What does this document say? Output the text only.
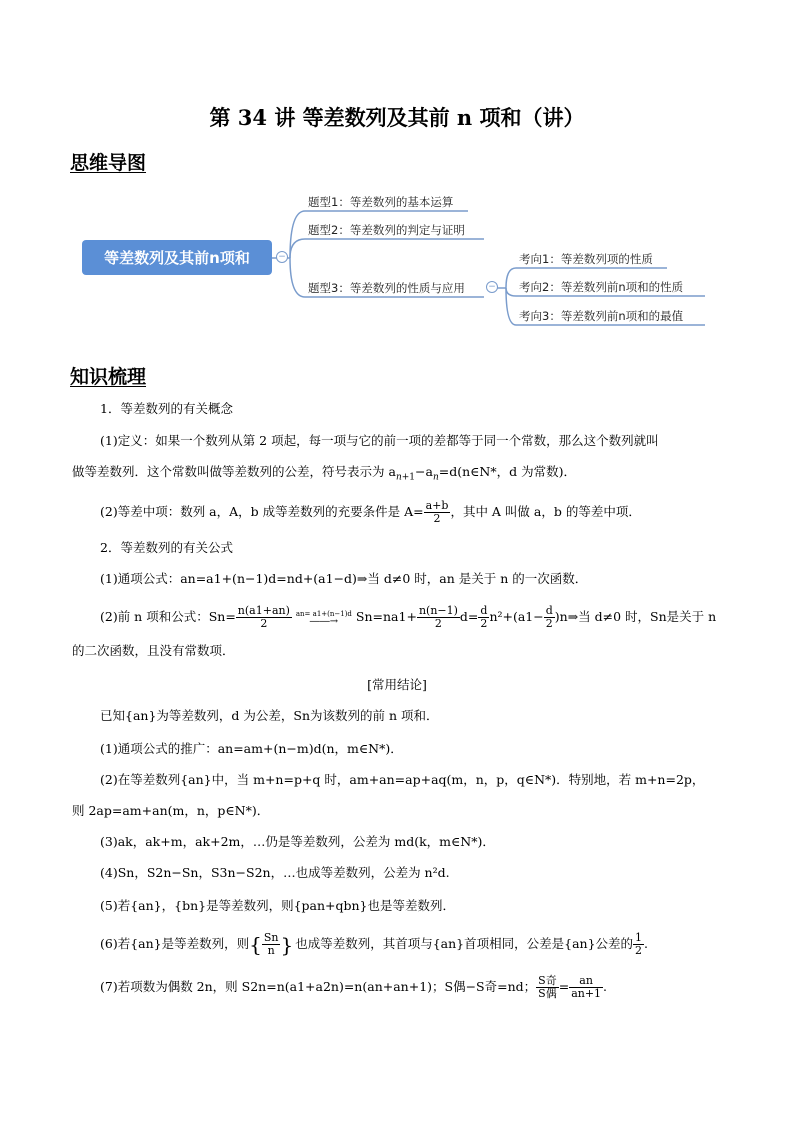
第 34 讲 等差数列及其前 n 项和（讲）
思维导图
等差数列及其前n项和	−
题型1：等差数列的基本运算
题型2：等差数列的判定与证明
题型3：等差数列的性质与应用	−
考向1：等差数列项的性质
考向2：等差数列前n项和的性质
考向3：等差数列前n项和的最值
知识梳理
1．等差数列的有关概念
(1)定义：如果一个数列从第 2 项起，每一项与它的前一项的差都等于同一个常数，那么这个数列就叫
做等差数列．这个常数叫做等差数列的公差，符号表示为 $a_{n+1}-a_n=d(n\in N*$，d 为常数)．
(2)等差中项：数列 a，A，b 成等差数列的充要条件是 $A= \frac{a+b}{2}$ ，其中 A 叫做 a，b 的等差中项．
2．等差数列的有关公式
(1)通项公式：an=a1+(n−1)d=nd+(a1−d)⇒当 d≠0 时，an 是关于 n 的一次函数．
(2)前 n 项和公式：$Sn= \frac{n(a1+an)}{2}$
an= a1+(n−1)d
――→	$Sn=na1+ \frac{n(n-1)}{2} d= \frac{d}{2} n^2+(a1- \frac{d}{2}$ )n⇒当 d≠0 时，Sn是关于 n
的二次函数，且没有常数项．
[常用结论]
已知{an}为等差数列，d 为公差，Sn为该数列的前 n 项和．
(1)通项公式的推广：an=am+(n−m)d(n，m∈N*)．
(2)在等差数列{an}中，当 m+n=p+q 时，am+an=ap+aq(m，n，p，q∈N*)．特别地，若 m+n=2p，
则 2ap=am+an(m，n，p∈N*)．
(3)ak，ak+m，ak+2m，…仍是等差数列，公差为 md(k，m∈N*)．
(4)Sn，S2n−Sn，S3n−S2n，…也成等差数列，公差为 n²d.
(5)若{an}，{bn}是等差数列，则{pan+qbn}也是等差数列．
(6)若{an}是等差数列，则{ $\frac{Sn}{n}$ } 也成等差数列，其首项与{an}首项相同，公差是{an}公差的 $\frac{1}{2}$ .
(7)若项数为偶数 2n，则 S2n=n(a1+a2n)=n(an+an+1)；S偶−S奇=nd； $\frac{\text{S奇}}{\text{S偶}} = \frac{an}{an+1}$ .
